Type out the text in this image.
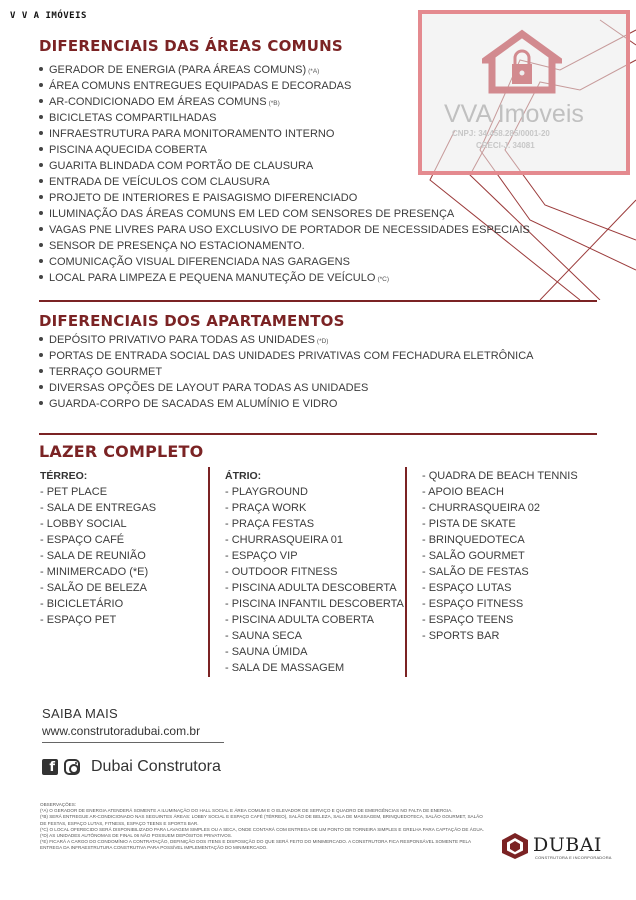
V V A IMÓVEIS
VVA Imoveis
CNPJ: 34.458.285/0001-20
CRECI-J. 34081
DIFERENCIAIS DAS ÁREAS COMUNS
GERADOR DE ENERGIA (PARA ÁREAS COMUNS) (*A)
ÁREA COMUNS ENTREGUES EQUIPADAS E DECORADAS
AR-CONDICIONADO EM ÁREAS COMUNS (*B)
BICICLETAS COMPARTILHADAS
INFRAESTRUTURA PARA MONITORAMENTO INTERNO
PISCINA AQUECIDA COBERTA
GUARITA BLINDADA COM PORTÃO DE CLAUSURA
ENTRADA DE VEÍCULOS COM CLAUSURA
PROJETO DE INTERIORES E PAISAGISMO DIFERENCIADO
ILUMINAÇÃO DAS ÁREAS COMUNS EM LED COM SENSORES DE PRESENÇA
VAGAS PNE LIVRES PARA USO EXCLUSIVO DE PORTADOR DE NECESSIDADES ESPECIAIS
SENSOR DE PRESENÇA NO ESTACIONAMENTO.
COMUNICAÇÃO VISUAL DIFERENCIADA NAS GARAGENS
LOCAL PARA LIMPEZA E PEQUENA MANUTEÇÃO DE VEÍCULO (*C)
DIFERENCIAIS DOS APARTAMENTOS
DEPÓSITO PRIVATIVO PARA TODAS AS UNIDADES (*D)
PORTAS DE ENTRADA SOCIAL DAS UNIDADES PRIVATIVAS COM FECHADURA ELETRÔNICA
TERRAÇO GOURMET
DIVERSAS OPÇÕES DE LAYOUT PARA TODAS AS UNIDADES
GUARDA-CORPO DE SACADAS EM ALUMÍNIO E VIDRO
LAZER COMPLETO
TÉRREO:
- PET PLACE
- SALA DE ENTREGAS
- LOBBY SOCIAL
- ESPAÇO CAFÉ
- SALA DE REUNIÃO
- MINIMERCADO (*E)
- SALÃO DE BELEZA
- BICICLETÁRIO
- ESPAÇO PET
ÁTRIO:
- PLAYGROUND
- PRAÇA WORK
- PRAÇA FESTAS
- CHURRASQUEIRA 01
- ESPAÇO VIP
- OUTDOOR FITNESS
- PISCINA ADULTA DESCOBERTA
- PISCINA INFANTIL DESCOBERTA
- PISCINA ADULTA COBERTA
- SAUNA SECA
- SAUNA ÚMIDA
- SALA DE MASSAGEM
- QUADRA DE BEACH TENNIS
- APOIO BEACH
- CHURRASQUEIRA 02
- PISTA DE SKATE
- BRINQUEDOTECA
- SALÃO GOURMET
- SALÃO DE FESTAS
- ESPAÇO LUTAS
- ESPAÇO FITNESS
- ESPAÇO TEENS
- SPORTS BAR
SAIBA MAIS
www.construtoradubai.com.br
f Dubai Construtora

OBSERVAÇÕES:

(*A) O GERADOR DE ENERGIA ATENDERÁ SOMENTE A ILUMINAÇÃO DO HALL SOCIAL E ÁREA COMUM E O ELEVADOR DE SERVIÇO E QUADRO DE EMERGÊNCIAS NO FALTA DE ENERGIA.

(*B) SERÁ ENTREGUE AR-CONDICIONADO NAS SEGUINTES ÁREAS: LOBBY SOCIAL E ESPAÇO CAFÉ (TÉRREO), SALÃO DE BELEZA, SALA DE MASSAGEM, BRINQUEDOTECA, SALÃO GOURMET, SALÃO DE FESTAS, ESPAÇO LUTAS, FITNESS, ESPAÇO TEENS E SPORTS BAR.

(*C) O LOCAL OFERECIDO SERÁ DISPONIBILIZADO PARA LAVAGEM SIMPLES OU A SECA, ONDE CONTARÁ COM ENTREGA DE UM PONTO DE TORNEIRA SIMPLES E GRELHA PARA CAPTAÇÃO DE ÁGUA.

(*D) AS UNIDADES AUTÔNOMAS DE FINAL 06 NÃO POSSUEM DEPÓSITOS PRIVATIVOS.

(*E) FICARÁ A CARGO DO CONDOMÍNIO A CONTRATAÇÃO, DEFINIÇÃO DOS ITENS E DISPOSIÇÃO DO QUE SERÁ FEITO DO MINIMERCADO. A CONSTRUTORA FICA RESPONSÁVEL SOMENTE PELA ENTREGA DA INFRAESTRUTURA CONSTRUTIVA PARA POSSÍVEL IMPLEMENTAÇÃO DO MINIMERCADO.	DUBAI
CONSTRUTORA E INCORPORADORA
